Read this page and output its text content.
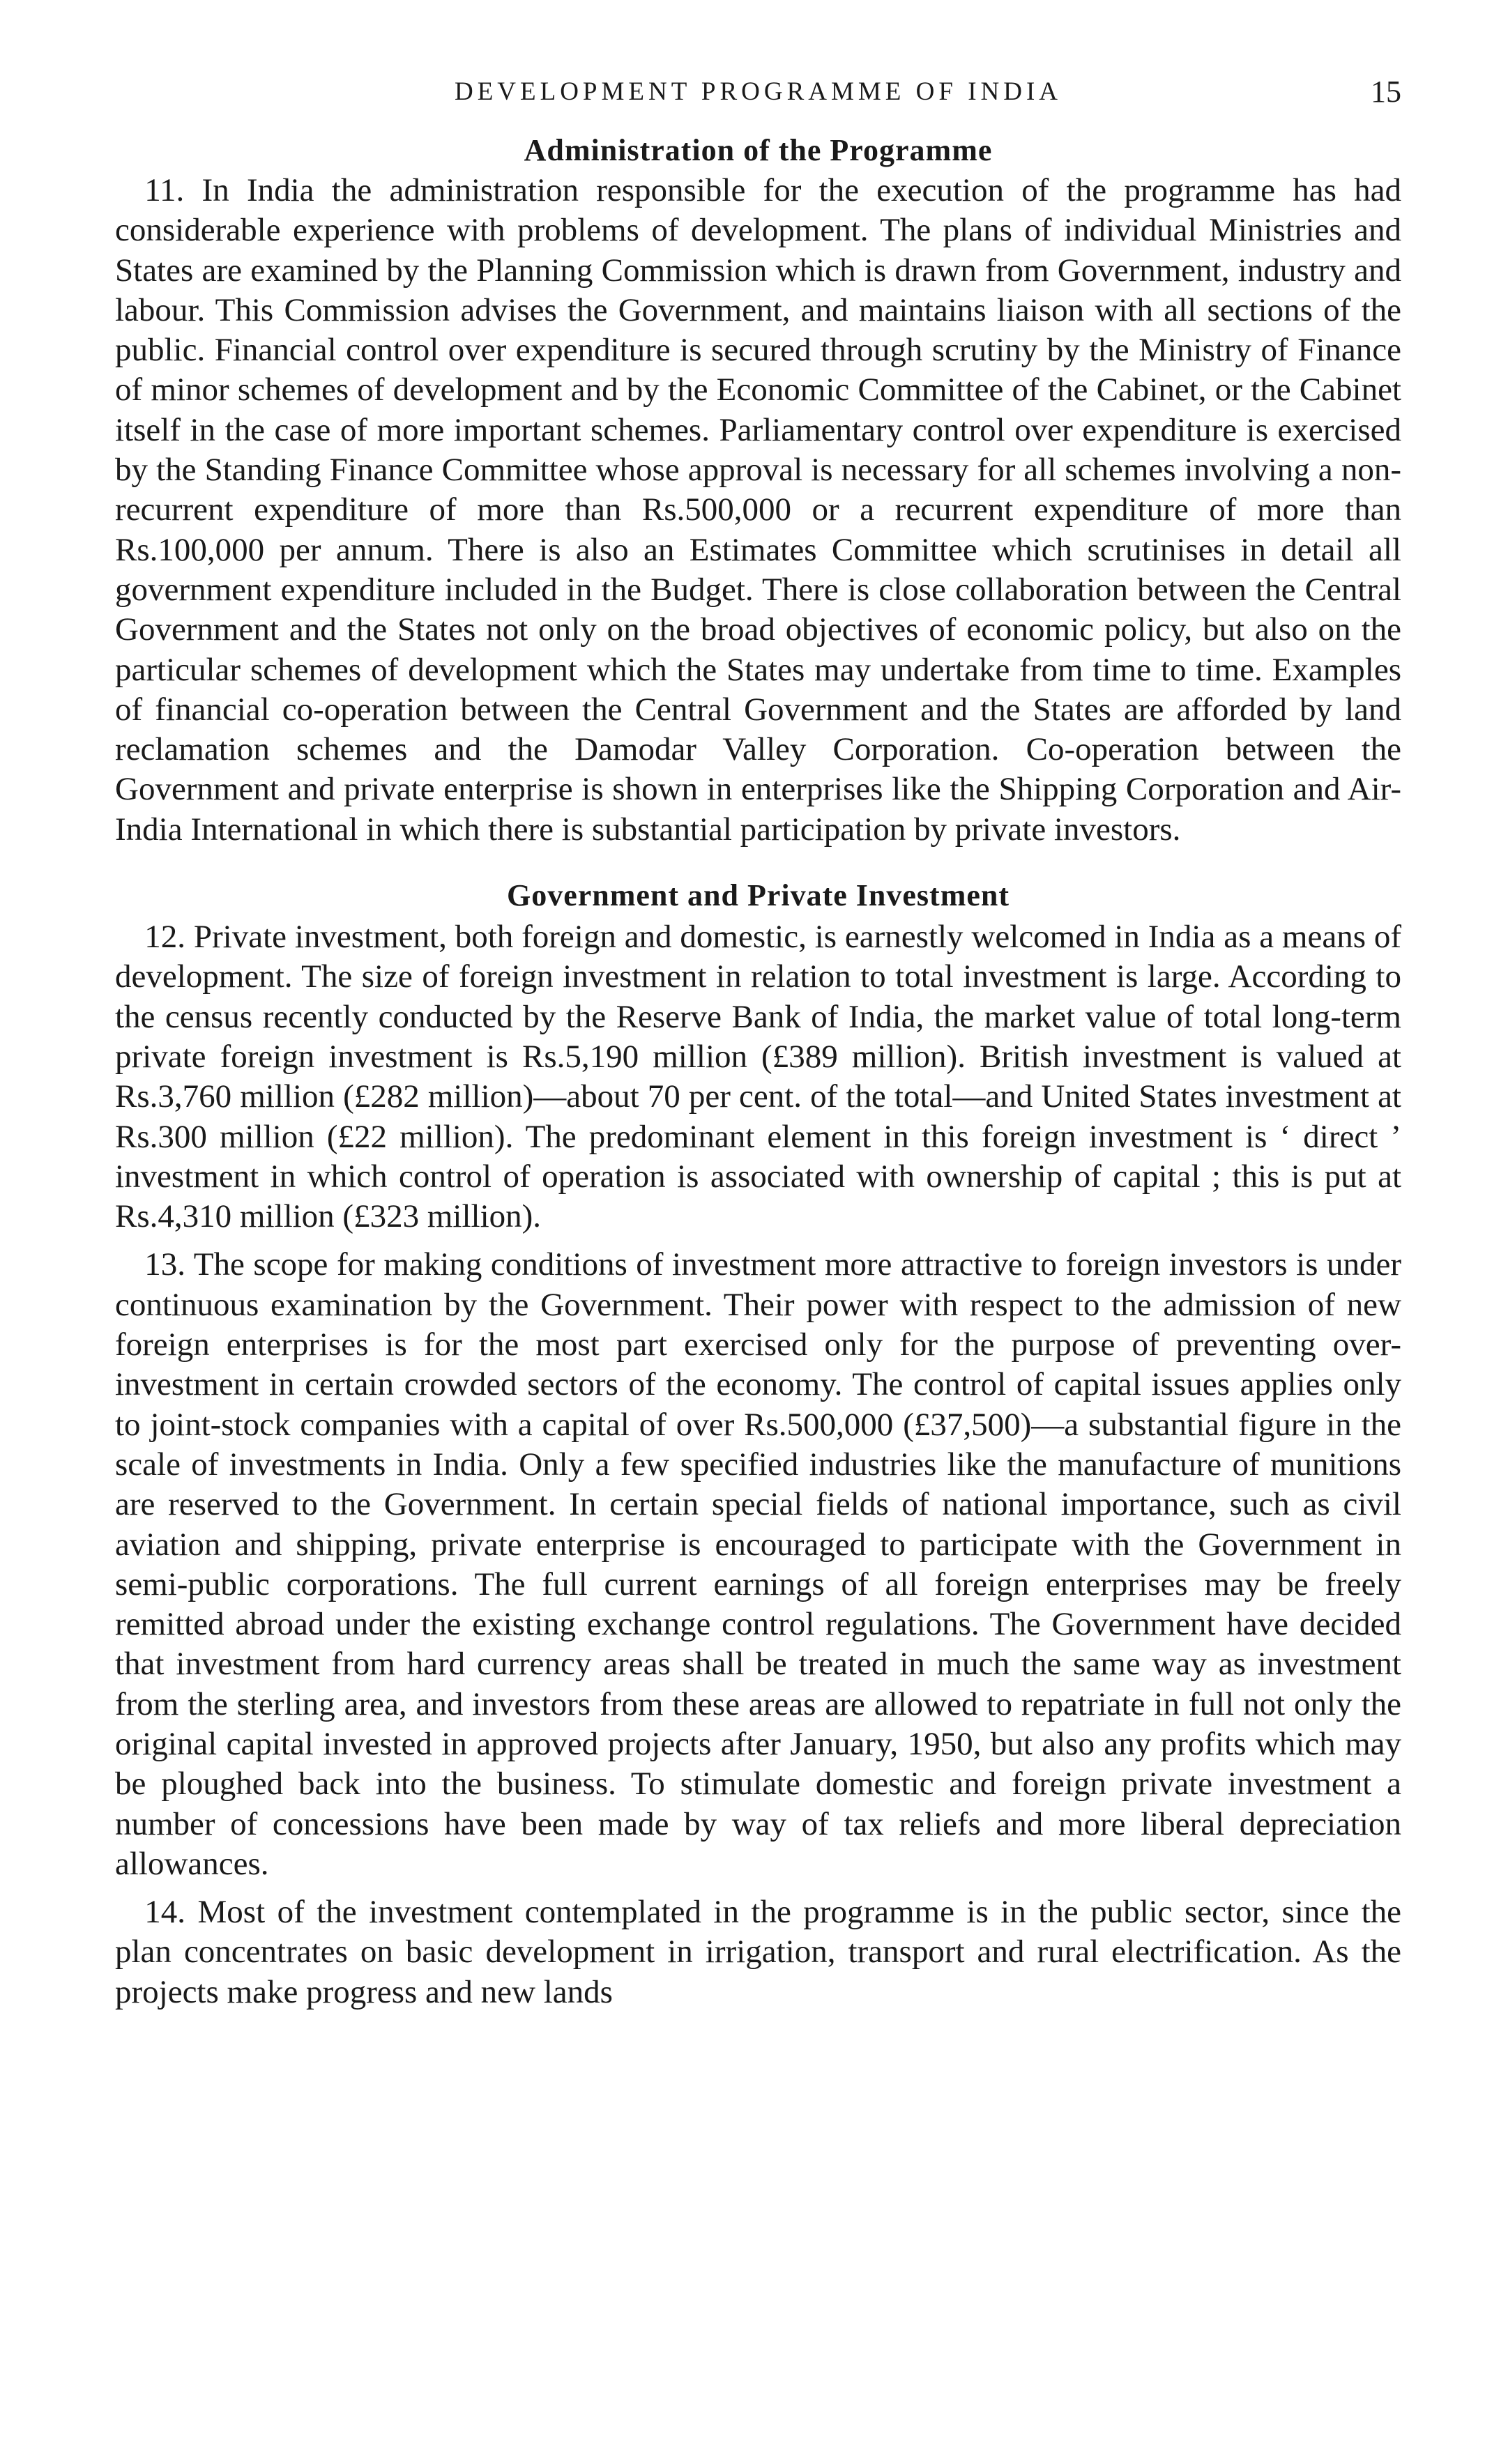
DEVELOPMENT PROGRAMME OF INDIA	15
Administration of the Programme

11. In India the administration responsible for the execution of the programme has had considerable experience with problems of development. The plans of individual Ministries and States are examined by the Planning Commission which is drawn from Government, industry and labour. This Commission advises the Government, and maintains liaison with all sections of the public. Financial control over expenditure is secured through scrutiny by the Ministry of Finance of minor schemes of development and by the Economic Committee of the Cabinet, or the Cabinet itself in the case of more important schemes. Parliamentary control over expenditure is exercised by the Standing Finance Committee whose approval is necessary for all schemes involving a non-recurrent expenditure of more than Rs.500,000 or a recurrent expenditure of more than Rs.100,000 per annum. There is also an Estimates Committee which scrutinises in detail all government expenditure included in the Budget. There is close collaboration between the Central Government and the States not only on the broad objectives of economic policy, but also on the particular schemes of development which the States may undertake from time to time. Examples of financial co-operation between the Central Government and the States are afforded by land reclamation schemes and the Damodar Valley Corporation. Co-operation between the Government and private enterprise is shown in enterprises like the Shipping Corporation and Air-India International in which there is substantial participation by private investors.

Government and Private Investment

12. Private investment, both foreign and domestic, is earnestly welcomed in India as a means of development. The size of foreign investment in relation to total investment is large. According to the census recently conducted by the Reserve Bank of India, the market value of total long-term private foreign investment is Rs.5,190 million (£389 million). British investment is valued at Rs.3,760 million (£282 million)—about 70 per cent. of the total—and United States investment at Rs.300 million (£22 million). The predominant element in this foreign investment is ‘ direct ’ investment in which control of operation is associated with ownership of capital ; this is put at Rs.4,310 million (£323 million).

13. The scope for making conditions of investment more attractive to foreign investors is under continuous examination by the Government. Their power with respect to the admission of new foreign enterprises is for the most part exercised only for the purpose of preventing over-investment in certain crowded sectors of the economy. The control of capital issues applies only to joint-stock companies with a capital of over Rs.500,000 (£37,500)—a substantial figure in the scale of investments in India. Only a few specified industries like the manufacture of munitions are reserved to the Government. In certain special fields of national importance, such as civil aviation and shipping, private enterprise is encouraged to participate with the Government in semi-public corporations. The full current earnings of all foreign enterprises may be freely remitted abroad under the existing exchange control regulations. The Government have decided that investment from hard currency areas shall be treated in much the same way as investment from the sterling area, and investors from these areas are allowed to repatriate in full not only the original capital invested in approved projects after January, 1950, but also any profits which may be ploughed back into the business. To stimulate domestic and foreign private investment a number of concessions have been made by way of tax reliefs and more liberal depreciation allowances.

14. Most of the investment contemplated in the programme is in the public sector, since the plan concentrates on basic development in irrigation, transport and rural electrification. As the projects make progress and new lands
